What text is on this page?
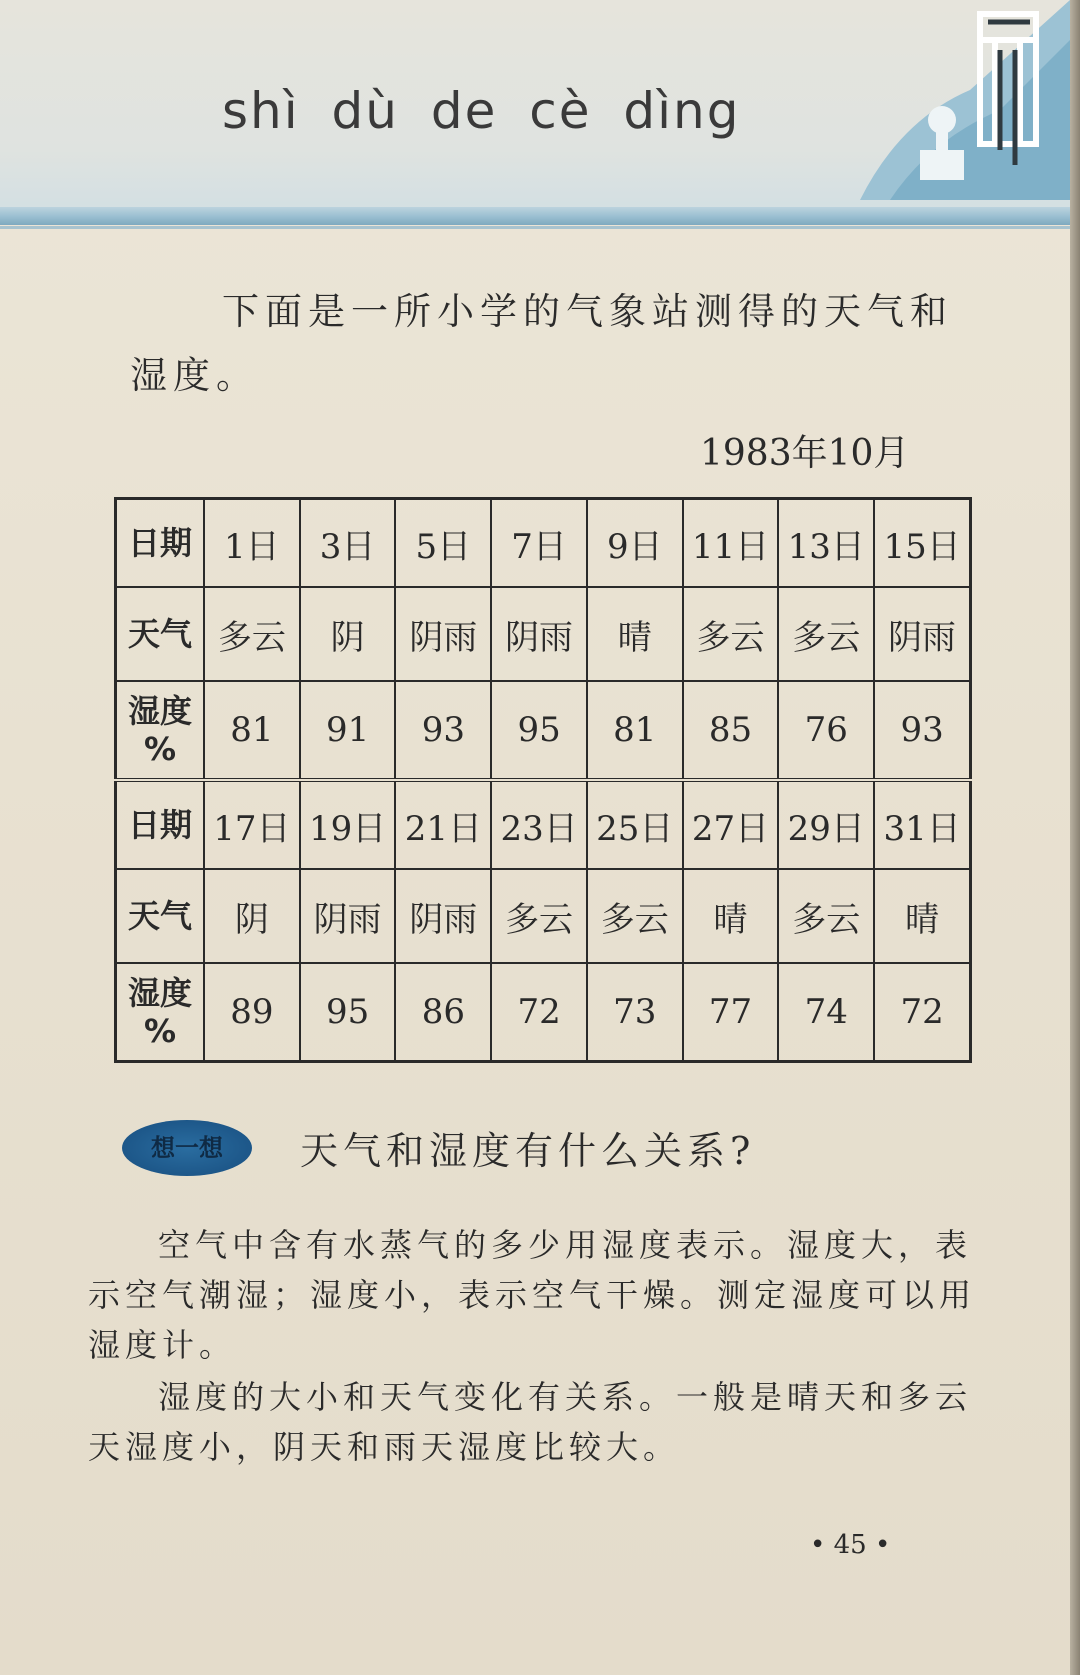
shì dù de cè dìng
下面是一所小学的气象站测得的天气和湿度。
1983年10月
日期	1日	3日	5日	7日	9日	11日	13日	15日
天气	多云	阴	阴雨	阴雨	晴	多云	多云	阴雨
湿度 %	81	91	93	95	81	85	76	93
日期	17日	19日	21日	23日	25日	27日	29日	31日
天气	阴	阴雨	阴雨	多云	多云	晴	多云	晴
湿度 %	89	95	86	72	73	77	74	72
想一想	天气和湿度有什么关系?
空气中含有水蒸气的多少用湿度表示。湿度大，表示空气潮湿；湿度小，表示空气干燥。测定湿度可以用湿度计。
湿度的大小和天气变化有关系。一般是晴天和多云天湿度小，阴天和雨天湿度比较大。
• 45 •
